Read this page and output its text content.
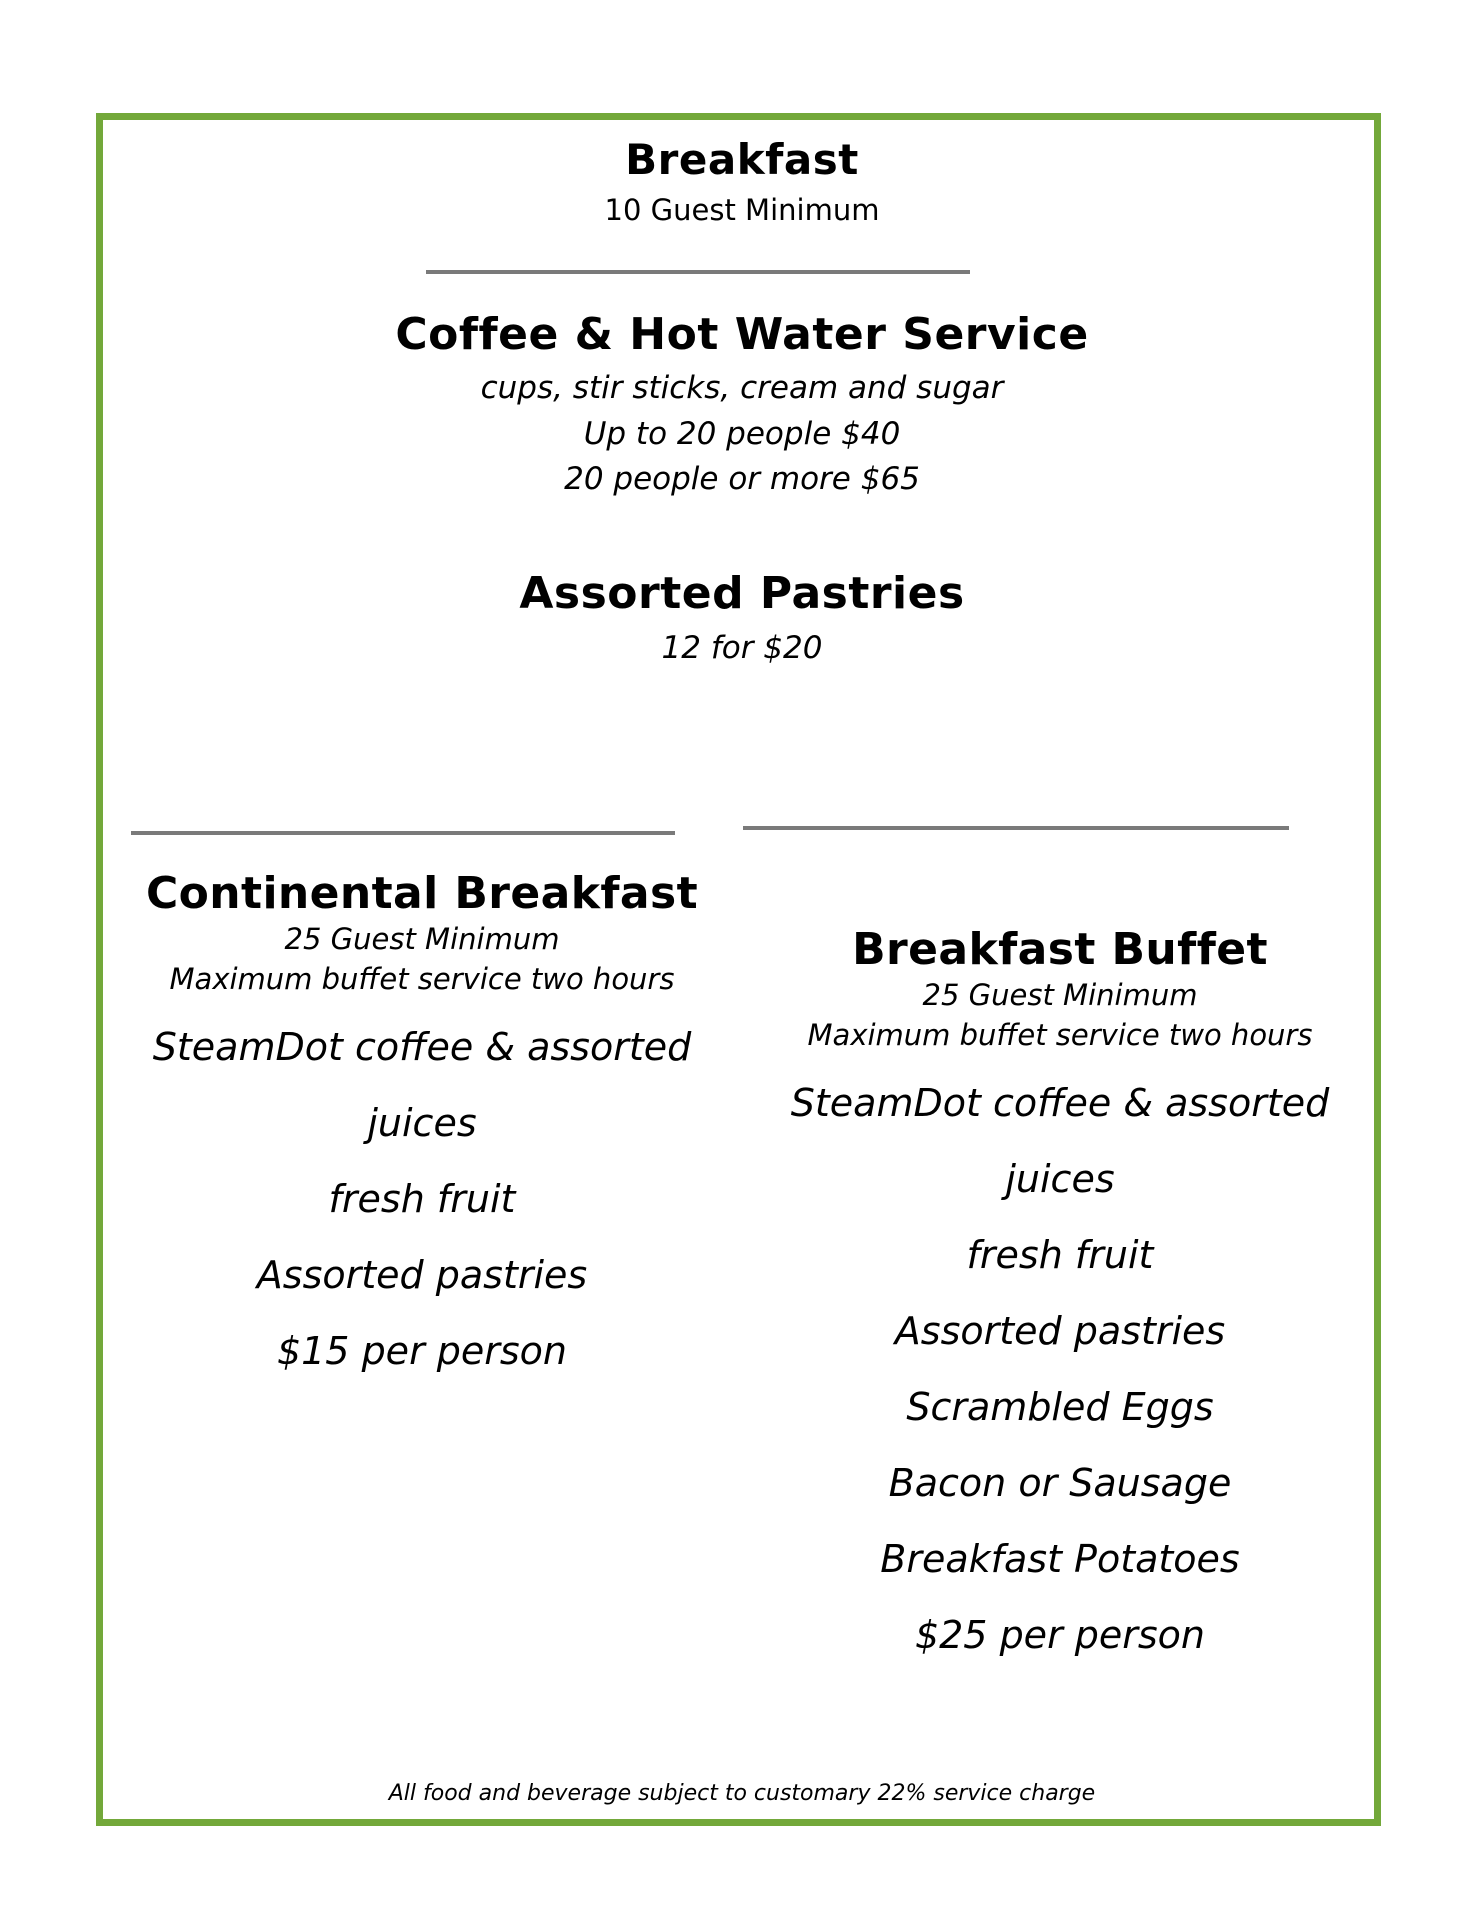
Breakfast
10 Guest Minimum
Coffee & Hot Water Service
cups, stir sticks, cream and sugar
Up to 20 people $40
20 people or more $65
Assorted Pastries
12 for $20
Continental Breakfast
25 Guest Minimum
Maximum buffet service two hours
SteamDot coffee & assorted
juices
fresh fruit
Assorted pastries
$15 per person
Breakfast Buffet
25 Guest Minimum
Maximum buffet service two hours
SteamDot coffee & assorted
juices
fresh fruit
Assorted pastries
Scrambled Eggs
Bacon or Sausage
Breakfast Potatoes
$25 per person
All food and beverage subject to customary 22% service charge
